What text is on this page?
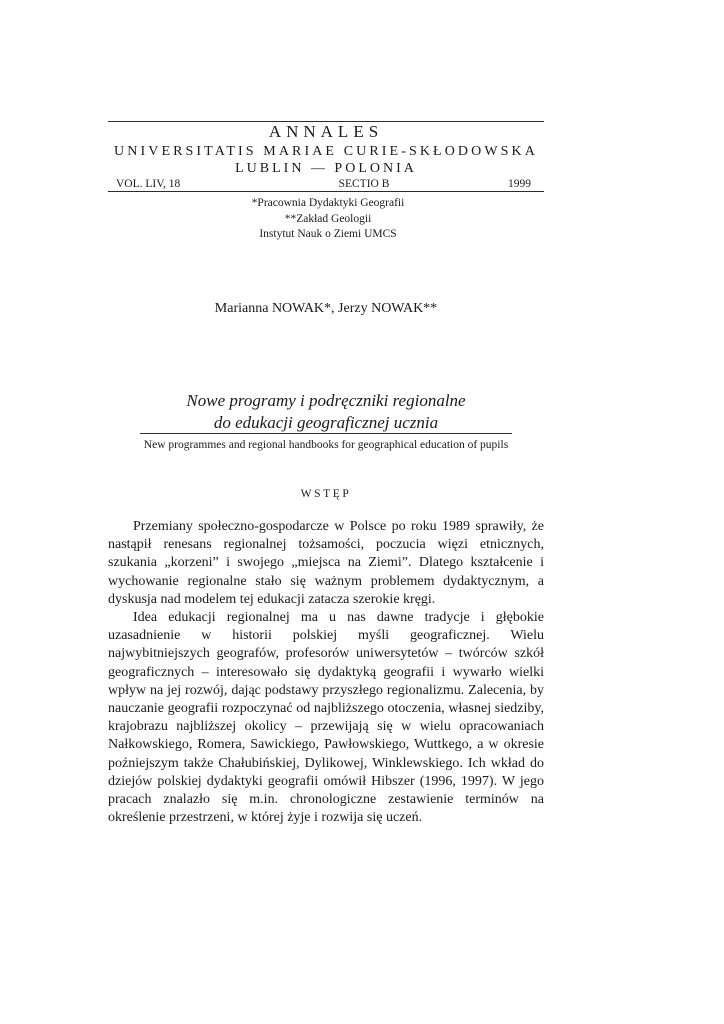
ANNALES
UNIVERSITATIS MARIAE CURIE-SKŁODOWSKA
LUBLIN — POLONIA
VOL. LIV, 18	SECTIO B	1999
*Pracownia Dydaktyki Geografii
**Zakład Geologii
Instytut Nauk o Ziemi UMCS
Marianna NOWAK*, Jerzy NOWAK**
Nowe programy i podręczniki regionalne
do edukacji geograficznej ucznia
New programmes and regional handbooks for geographical education of pupils
WSTĘP

Przemiany społeczno-gospodarcze w Polsce po roku 1989 sprawiły, że nastąpił renesans regionalnej tożsamości, poczucia więzi etnicznych, szukania „korzeni” i swojego „miejsca na Ziemi”. Dlatego kształcenie i wychowanie regionalne stało się ważnym problemem dydaktycznym, a dyskusja nad modelem tej edukacji zatacza szerokie kręgi.

Idea edukacji regionalnej ma u nas dawne tradycje i głębokie uzasadnienie w historii polskiej myśli geograficznej. Wielu najwybitniejszych geografów, profesorów uniwersytetów – twórców szkół geograficznych – interesowało się dydaktyką geografii i wywarło wielki wpływ na jej rozwój, dając podstawy przyszłego regionalizmu. Zalecenia, by nauczanie geografii rozpoczynać od najbliższego otoczenia, własnej siedziby, krajobrazu najbliższej okolicy – przewijają się w wielu opracowaniach Nałkowskiego, Romera, Sawickiego, Pawłowskiego, Wuttkego, a w okresie poźniejszym także Chałubińskiej, Dylikowej, Winklewskiego. Ich wkład do dziejów polskiej dydaktyki geografii omówił Hibszer (1996, 1997). W jego pracach znalazło się m.in. chronologiczne zestawienie terminów na określenie przestrzeni, w której żyje i rozwija się uczeń.
